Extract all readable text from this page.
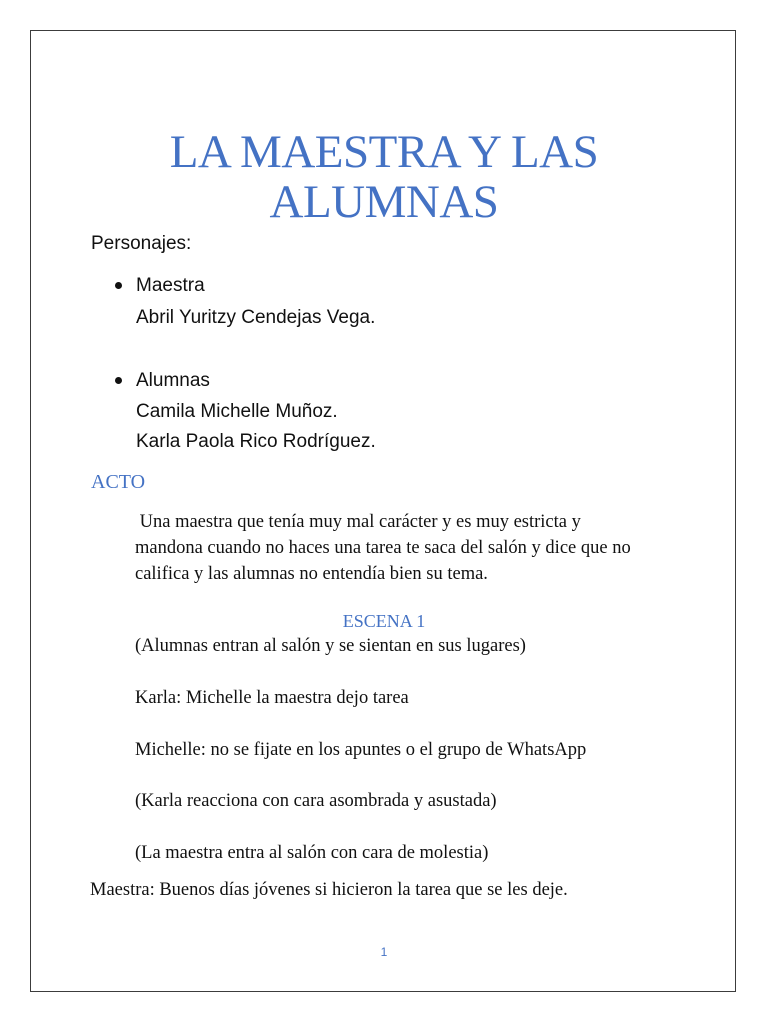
LA MAESTRA Y LAS
ALUMNAS
Personajes:
Maestra
Abril Yuritzy Cendejas Vega.
Alumnas
Camila Michelle Muñoz.
Karla Paola Rico Rodríguez.
ACTO
Una maestra que tenía muy mal carácter y es muy estricta y
mandona cuando no haces una tarea te saca del salón y dice que no
califica y las alumnas no entendía bien su tema.
ESCENA 1
(Alumnas entran al salón y se sientan en sus lugares)
Karla: Michelle la maestra dejo tarea
Michelle: no se fijate en los apuntes o el grupo de WhatsApp
(Karla reacciona con cara asombrada y asustada)
(La maestra entra al salón con cara de molestia)
Maestra: Buenos días jóvenes si hicieron la tarea que se les deje.
1
